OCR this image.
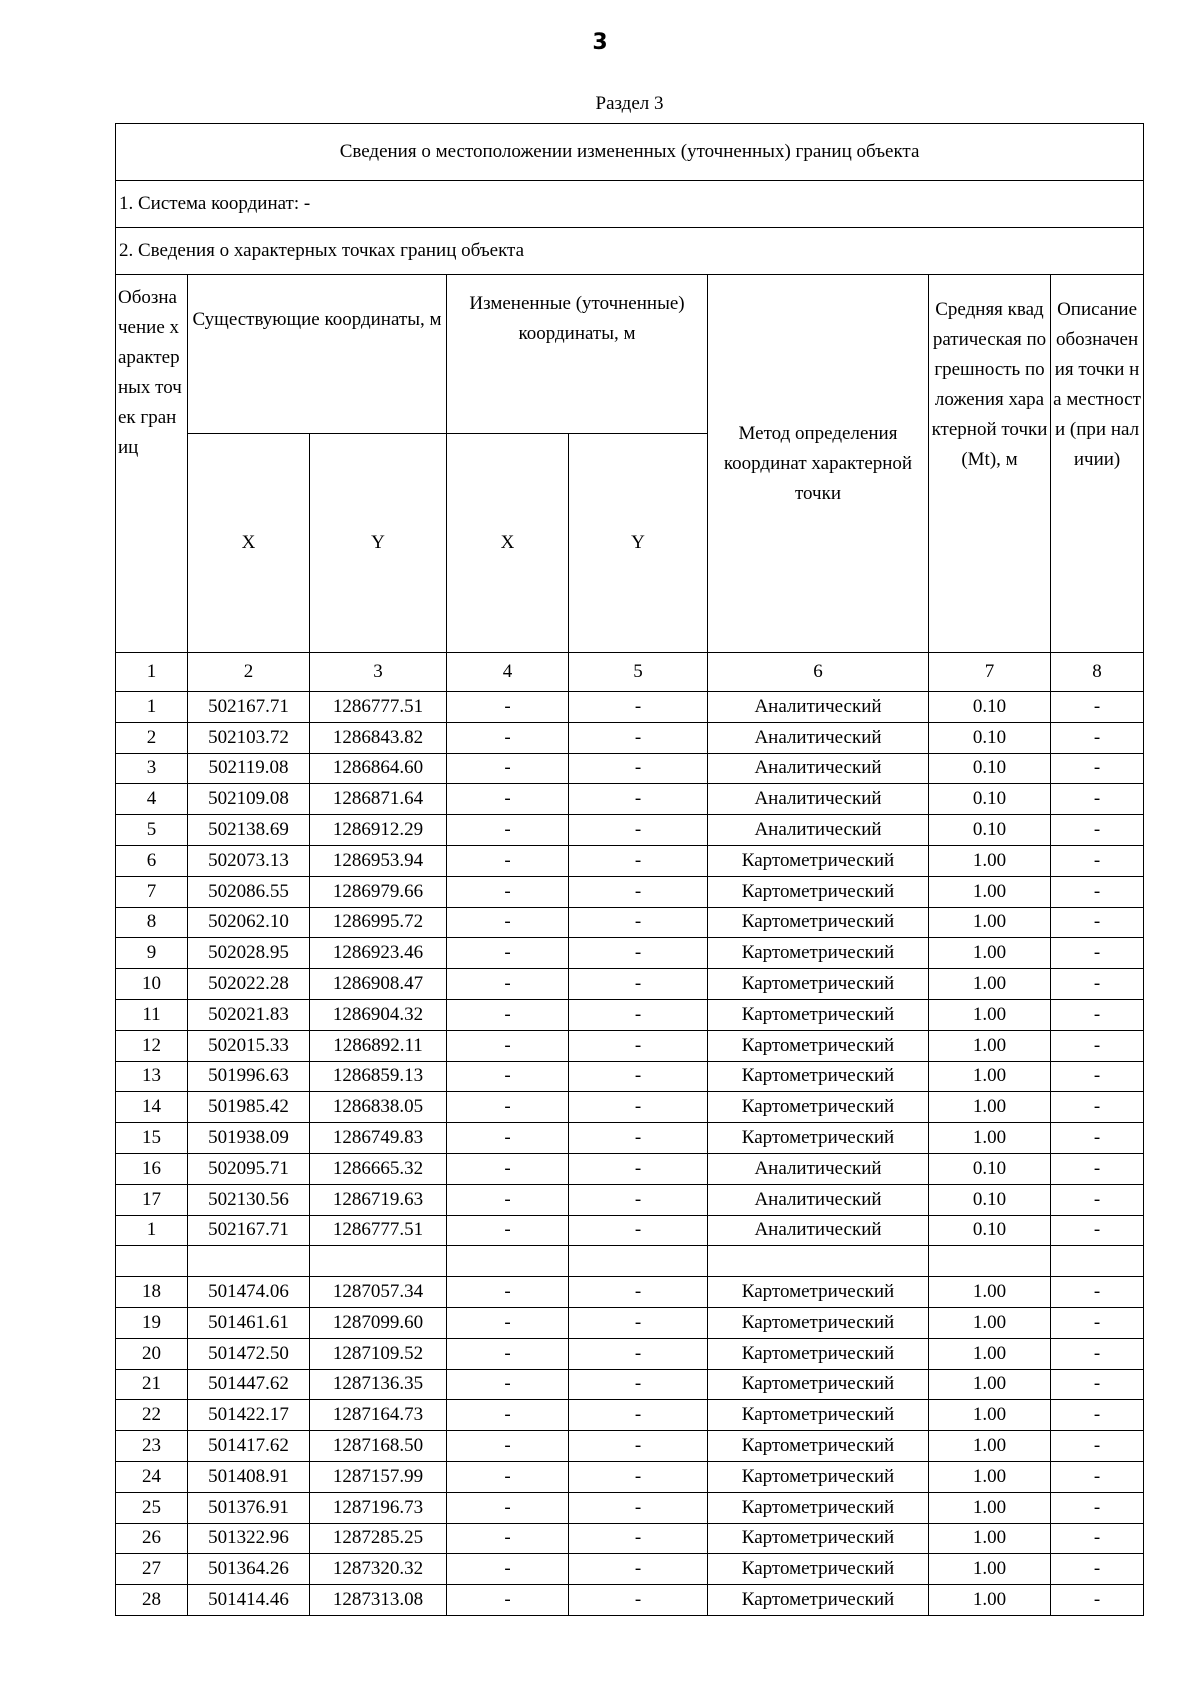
3
Раздел 3
Сведения о местоположении измененных (уточненных) границ объекта							
1. Система координат: -							
2. Сведения о характерных точках границ объекта							
Обозначение характерных точек границ	Существующие координаты, м		Измененные (уточненные) координаты, м		Метод определения координат характерной точки	Средняя квадратическая погрешность положения характерной точки (Mt), м	Описание обозначения точки на местности (при наличии)
	X	Y	X	Y			
1	2	3	4	5	6	7	8
1	502167.71	1286777.51	-	-	Аналитический	0.10	-
2	502103.72	1286843.82	-	-	Аналитический	0.10	-
3	502119.08	1286864.60	-	-	Аналитический	0.10	-
4	502109.08	1286871.64	-	-	Аналитический	0.10	-
5	502138.69	1286912.29	-	-	Аналитический	0.10	-
6	502073.13	1286953.94	-	-	Картометрический	1.00	-
7	502086.55	1286979.66	-	-	Картометрический	1.00	-
8	502062.10	1286995.72	-	-	Картометрический	1.00	-
9	502028.95	1286923.46	-	-	Картометрический	1.00	-
10	502022.28	1286908.47	-	-	Картометрический	1.00	-
11	502021.83	1286904.32	-	-	Картометрический	1.00	-
12	502015.33	1286892.11	-	-	Картометрический	1.00	-
13	501996.63	1286859.13	-	-	Картометрический	1.00	-
14	501985.42	1286838.05	-	-	Картометрический	1.00	-
15	501938.09	1286749.83	-	-	Картометрический	1.00	-
16	502095.71	1286665.32	-	-	Аналитический	0.10	-
17	502130.56	1286719.63	-	-	Аналитический	0.10	-
1	502167.71	1286777.51	-	-	Аналитический	0.10	-

18	501474.06	1287057.34	-	-	Картометрический	1.00	-
19	501461.61	1287099.60	-	-	Картометрический	1.00	-
20	501472.50	1287109.52	-	-	Картометрический	1.00	-
21	501447.62	1287136.35	-	-	Картометрический	1.00	-
22	501422.17	1287164.73	-	-	Картометрический	1.00	-
23	501417.62	1287168.50	-	-	Картометрический	1.00	-
24	501408.91	1287157.99	-	-	Картометрический	1.00	-
25	501376.91	1287196.73	-	-	Картометрический	1.00	-
26	501322.96	1287285.25	-	-	Картометрический	1.00	-
27	501364.26	1287320.32	-	-	Картометрический	1.00	-
28	501414.46	1287313.08	-	-	Картометрический	1.00	-
